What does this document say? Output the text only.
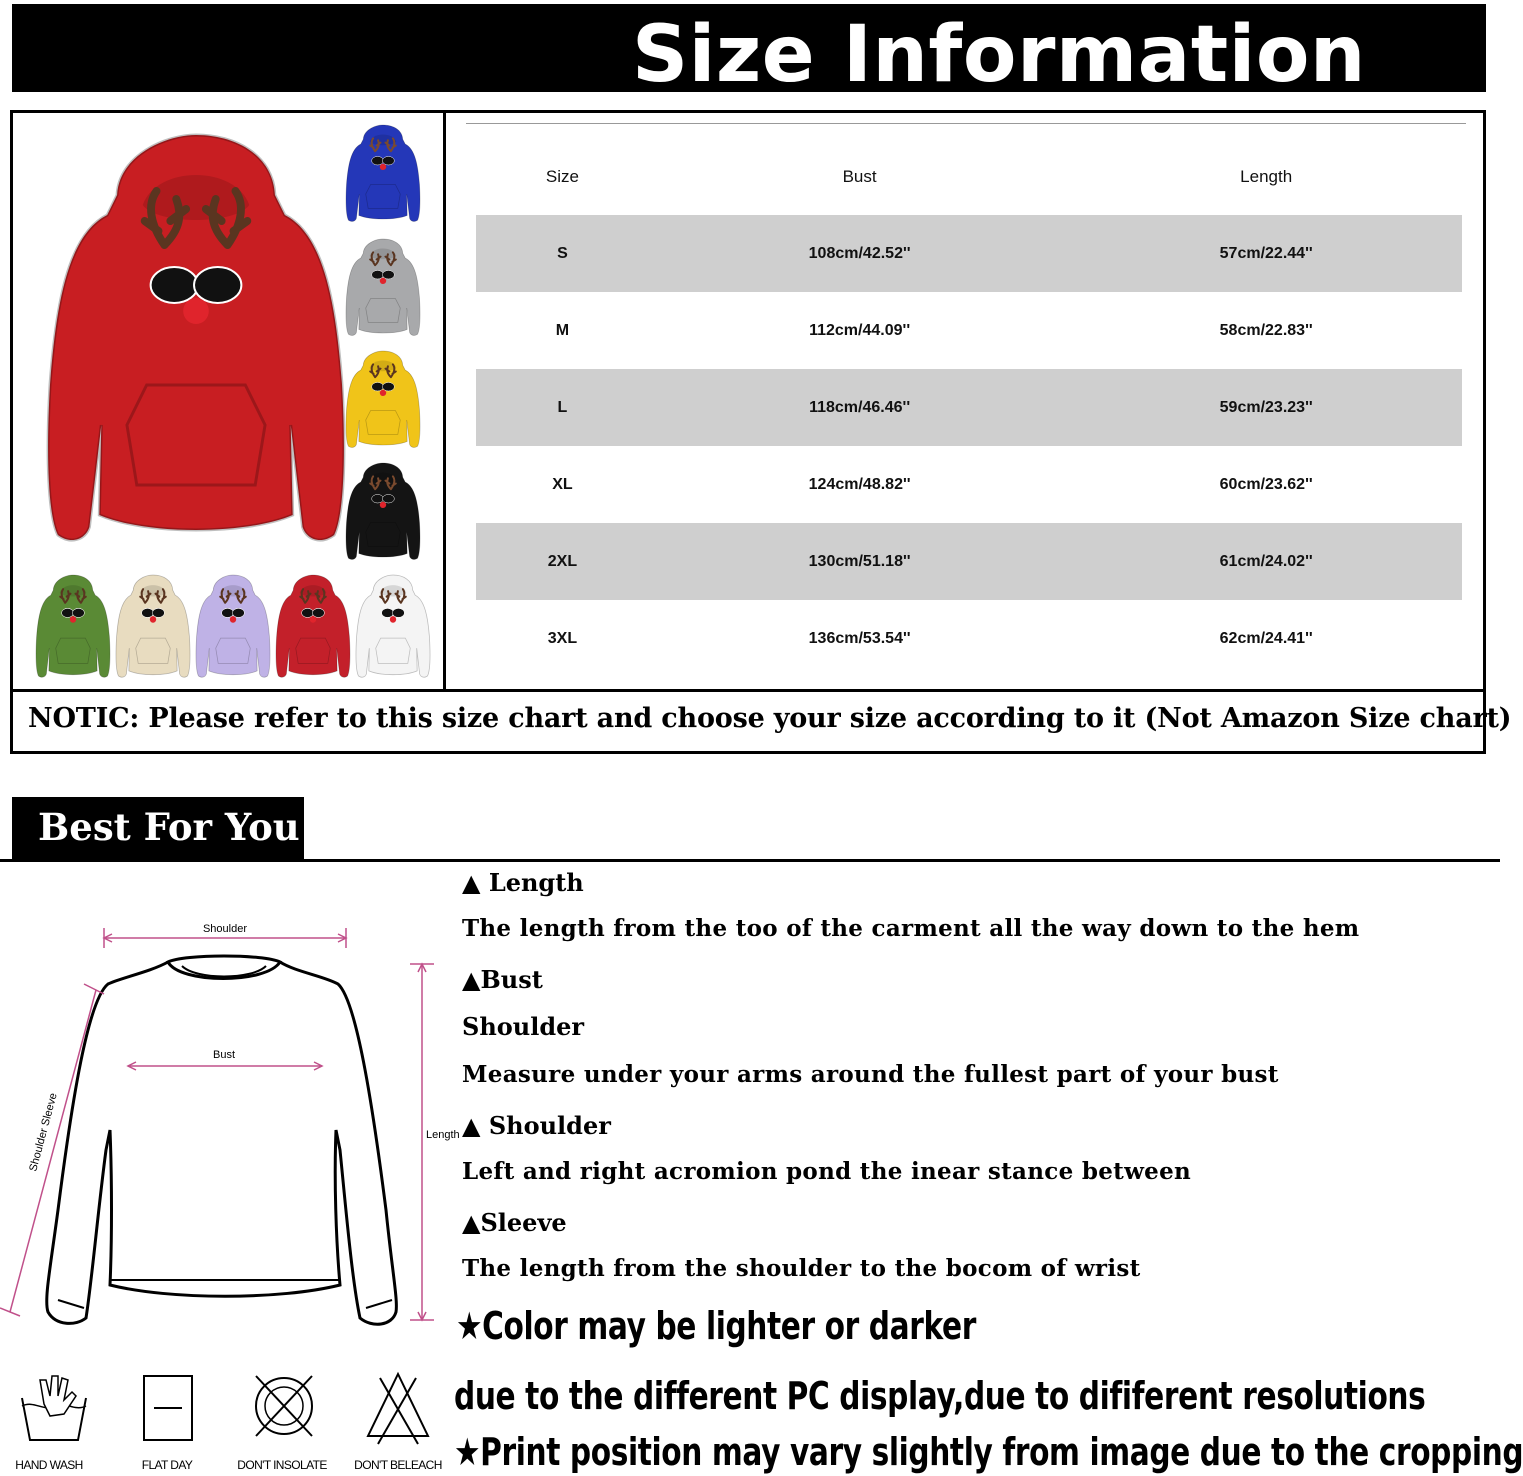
Size Information
Size	Bust	Length
S	108cm/42.52''	57cm/22.44''
M	112cm/44.09''	58cm/22.83''
L	118cm/46.46''	59cm/23.23''
XL	124cm/48.82''	60cm/23.62''
2XL	130cm/51.18''	61cm/24.02''
3XL	136cm/53.54''	62cm/24.41''
NOTIC: Please refer to this size chart and choose your size according to it (Not Amazon Size chart)
Best For You
Shoulder
Bust
Length
Shoulder Sleeve
HAND WASH	FLAT DAY	DON'T INSOLATE	DON'T BELEACH
▲ Length
The length from the too of the carment all the way down to the hem
▲Bust
Shoulder
Measure under your arms around the fullest part of your bust
▲ Shoulder
Left and right acromion pond the inear stance between
▲Sleeve
The length from the shoulder to the bocom of wrist
★Color may be lighter or darker
due to the different PC display,due to dififerent resolutions
★Print position may vary slightly from image due to the cropping
